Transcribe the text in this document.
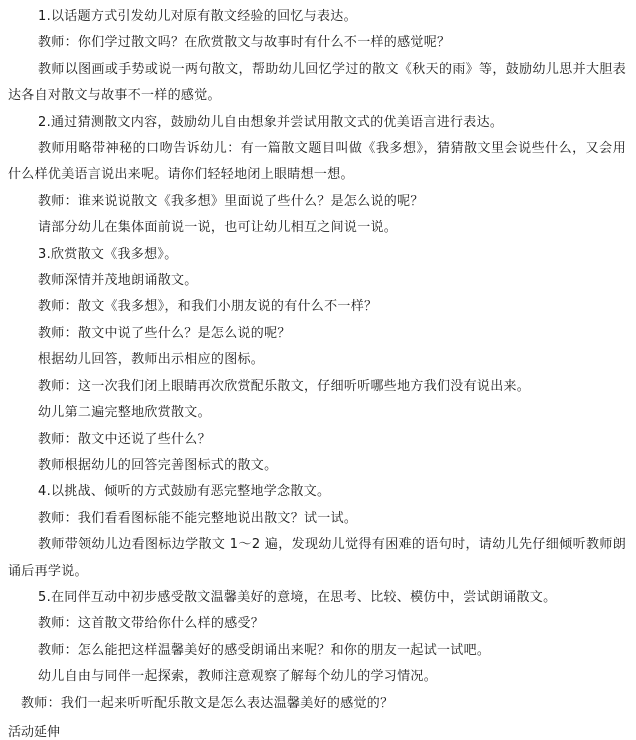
1.以话题方式引发幼儿对原有散文经验的回忆与表达。
教师：你们学过散文吗？在欣赏散文与故事时有什么不一样的感觉呢？
教师以图画或手势或说一两句散文，帮助幼儿回忆学过的散文《秋天的雨》等，鼓励幼儿思并大胆表达各自对散文与故事不一样的感觉。
2.通过猜测散文内容，鼓励幼儿自由想象并尝试用散文式的优美语言进行表达。
教师用略带神秘的口吻告诉幼儿：有一篇散文题目叫做《我多想》，猜猜散文里会说些什么，又会用什么样优美语言说出来呢。请你们轻轻地闭上眼睛想一想。
教师：谁来说说散文《我多想》里面说了些什么？是怎么说的呢？
请部分幼儿在集体面前说一说，也可让幼儿相互之间说一说。
3.欣赏散文《我多想》。
教师深情并茂地朗诵散文。
教师：散文《我多想》，和我们小朋友说的有什么不一样？
教师：散文中说了些什么？是怎么说的呢？
根据幼儿回答，教师出示相应的图标。
教师：这一次我们闭上眼睛再次欣赏配乐散文，仔细听听哪些地方我们没有说出来。
幼儿第二遍完整地欣赏散文。
教师：散文中还说了些什么？
教师根据幼儿的回答完善图标式的散文。
4.以挑战、倾听的方式鼓励有恶完整地学念散文。
教师：我们看看图标能不能完整地说出散文？试一试。
教师带领幼儿边看图标边学散文 1～2 遍，发现幼儿觉得有困难的语句时，请幼儿先仔细倾听教师朗诵后再学说。
5.在同伴互动中初步感受散文温馨美好的意境，在思考、比较、模仿中，尝试朗诵散文。
教师：这首散文带给你什么样的感受？
教师：怎么能把这样温馨美好的感受朗诵出来呢？和你的朋友一起试一试吧。
幼儿自由与同伴一起探索，教师注意观察了解每个幼儿的学习情况。
教师：我们一起来听听配乐散文是怎么表达温馨美好的感觉的？
活动延伸
